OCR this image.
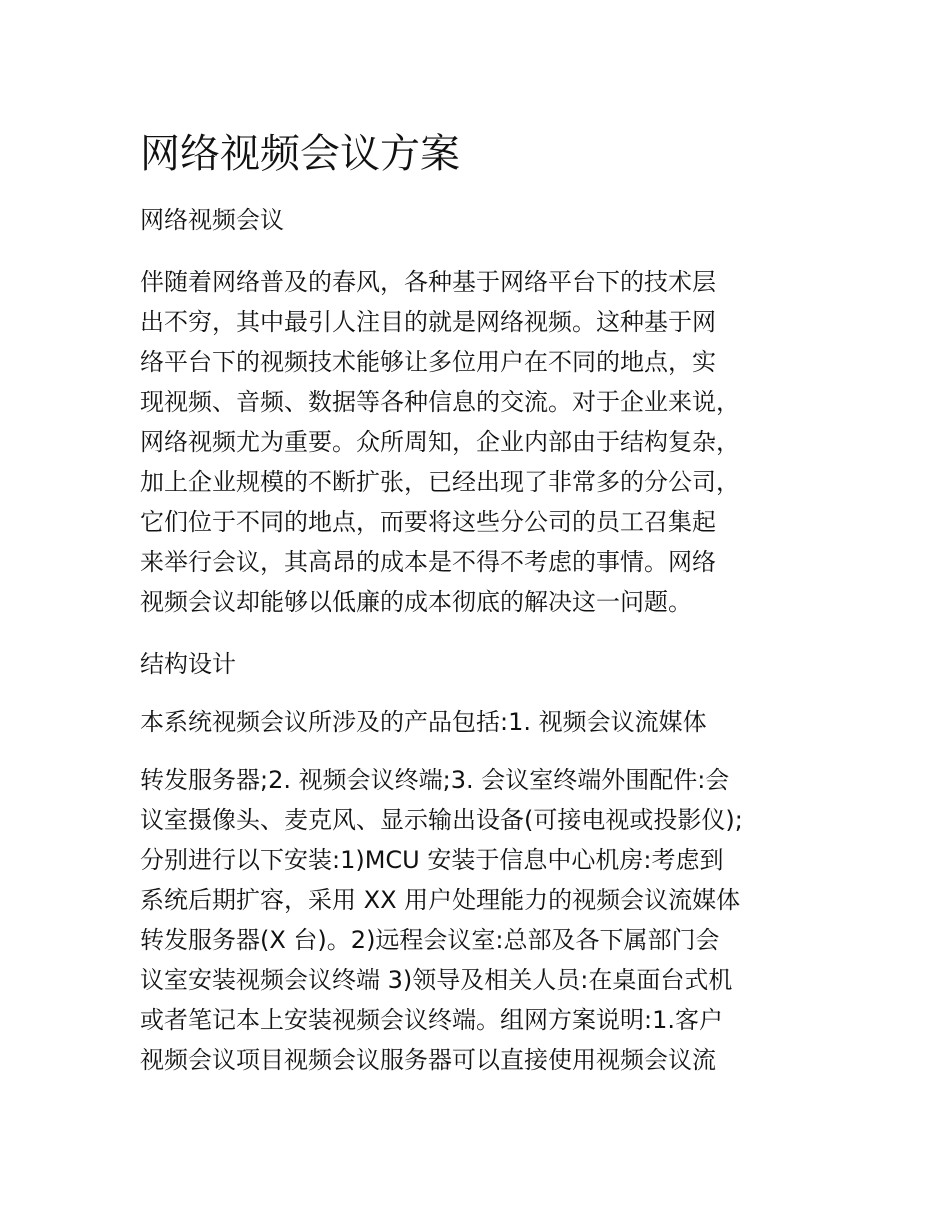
网络视频会议方案

网络视频会议

伴随着网络普及的春风，各种基于网络平台下的技术层

出不穷，其中最引人注目的就是网络视频。这种基于网

络平台下的视频技术能够让多位用户在不同的地点，实

现视频、音频、数据等各种信息的交流。对于企业来说，

网络视频尤为重要。众所周知，企业内部由于结构复杂，

加上企业规模的不断扩张，已经出现了非常多的分公司，

它们位于不同的地点，而要将这些分公司的员工召集起

来举行会议，其高昂的成本是不得不考虑的事情。网络

视频会议却能够以低廉的成本彻底的解决这一问题。

结构设计

本系统视频会议所涉及的产品包括:1. 视频会议流媒体

转发服务器;2. 视频会议终端;3. 会议室终端外围配件:会

议室摄像头、麦克风、显示输出设备(可接电视或投影仪);

分别进行以下安装:1)MCU 安装于信息中心机房:考虑到

系统后期扩容，采用 XX 用户处理能力的视频会议流媒体

转发服务器(X 台)。2)远程会议室:总部及各下属部门会

议室安装视频会议终端 3)领导及相关人员:在桌面台式机

或者笔记本上安装视频会议终端。组网方案说明:1.客户

视频会议项目视频会议服务器可以直接使用视频会议流
